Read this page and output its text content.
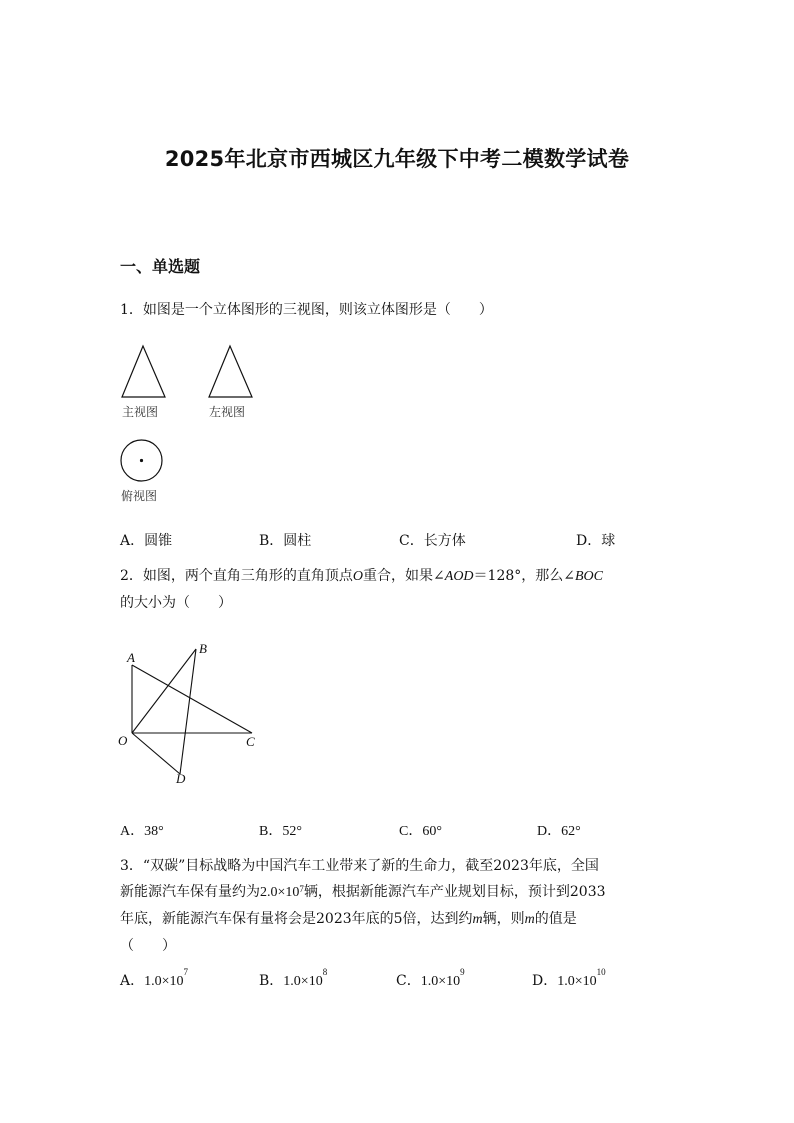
2025年北京市西城区九年级下中考二模数学试卷
一、单选题
1．如图是一个立体图形的三视图，则该立体图形是（　　）
主视图	左视图
俯视图
A．圆锥	B．圆柱	C．长方体	D．球
2．如图，两个直角三角形的直角顶点O重合，如果∠AOD＝128°，那么∠BOC
的大小为（　　）
A
B
O	C
D
A．38°	B．52°	C．60°	D．62°
3．“双碳”目标战略为中国汽车工业带来了新的生命力，截至2023年底，全国
新能源汽车保有量约为$2.0\times 10^7$辆，根据新能源汽车产业规划目标，预计到2033
年底，新能源汽车保有量将会是2023年底的5倍，达到约m辆，则m的值是
（　　）
A．$1.0\times 10^7$
B．$1.0\times 10^8$
C．$1.0\times 10^9$
D．$1.0\times 10^{10}$
